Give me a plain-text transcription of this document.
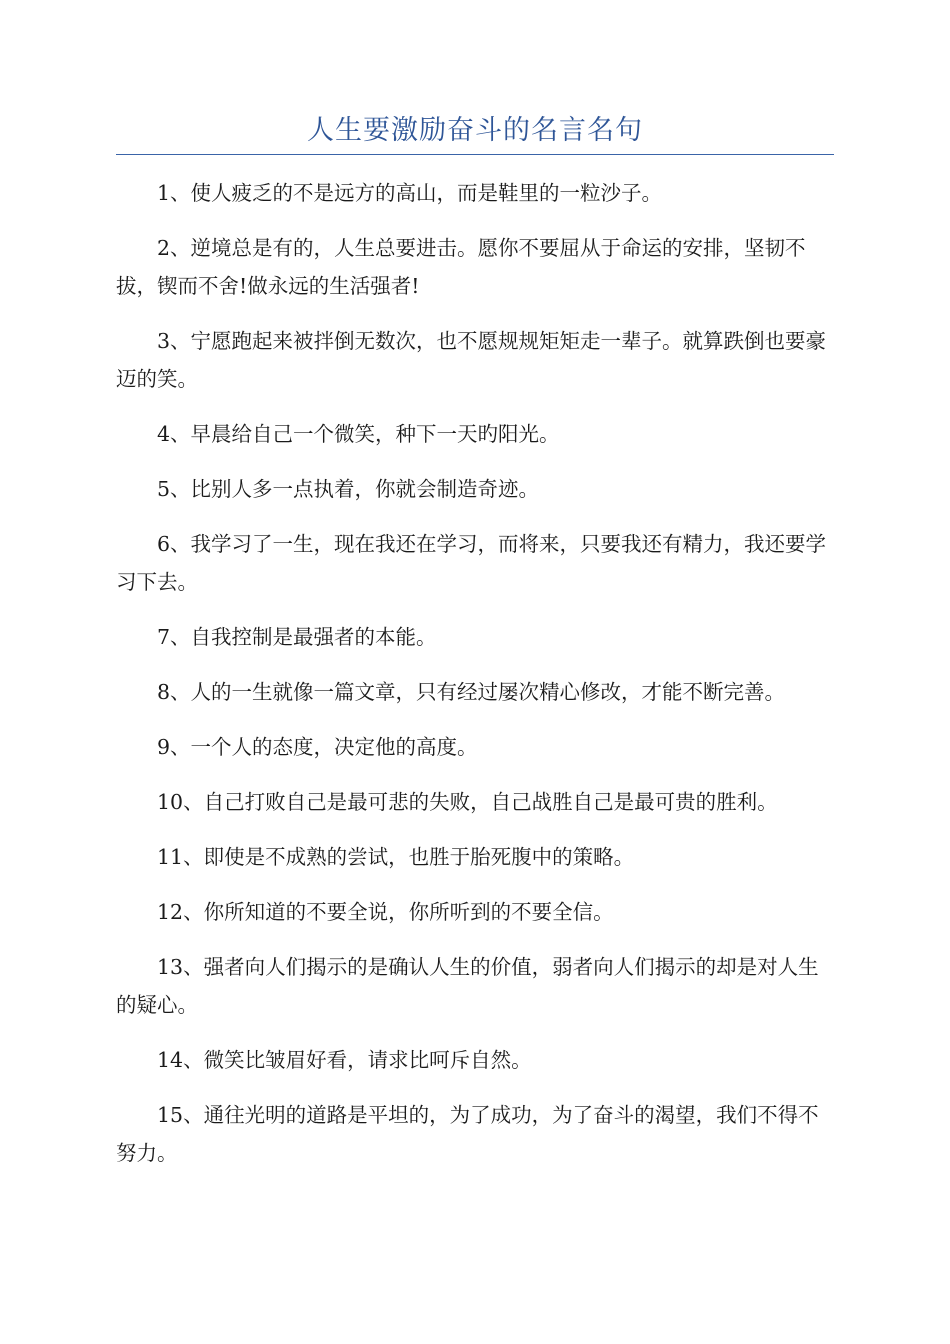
人生要激励奋斗的名言名句

1、使人疲乏的不是远方的高山，而是鞋里的一粒沙子。

2、逆境总是有的，人生总要进击。愿你不要屈从于命运的安排，坚韧不拔，锲而不舍!做永远的生活强者!

3、宁愿跑起来被拌倒无数次，也不愿规规矩矩走一辈子。就算跌倒也要豪迈的笑。

4、早晨给自己一个微笑，种下一天旳阳光。

5、比别人多一点执着，你就会制造奇迹。

6、我学习了一生，现在我还在学习，而将来，只要我还有精力，我还要学习下去。

7、自我控制是最强者的本能。

8、人的一生就像一篇文章，只有经过屡次精心修改，才能不断完善。

9、一个人的态度，决定他的高度。

10、自己打败自己是最可悲的失败，自己战胜自己是最可贵的胜利。

11、即使是不成熟的尝试，也胜于胎死腹中的策略。

12、你所知道的不要全说，你所听到的不要全信。

13、强者向人们揭示的是确认人生的价值，弱者向人们揭示的却是对人生的疑心。

14、微笑比皱眉好看，请求比呵斥自然。

15、通往光明的道路是平坦的，为了成功，为了奋斗的渴望，我们不得不努力。
